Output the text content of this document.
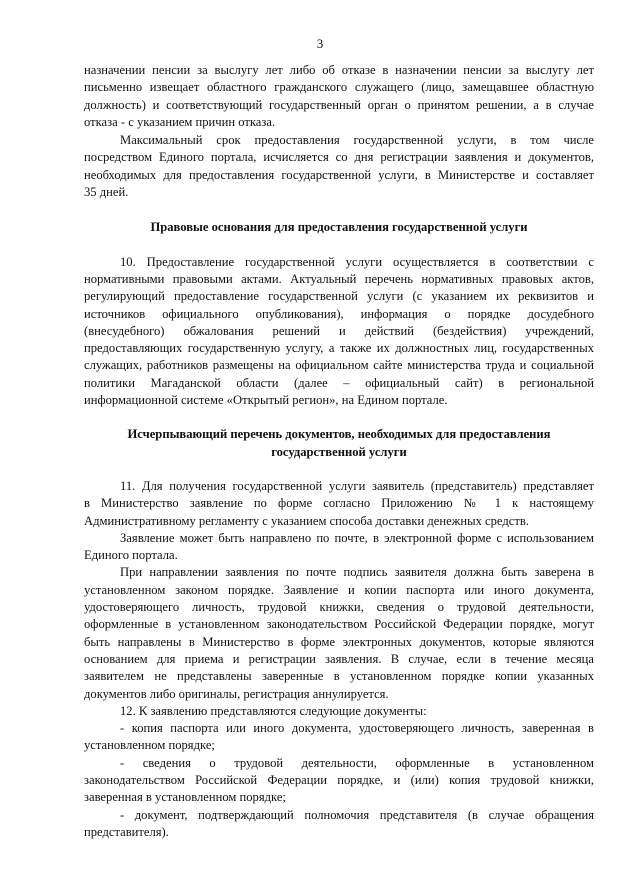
3

назначении пенсии за выслугу лет либо об отказе в назначении пенсии за выслугу лет
письменно извещает областного гражданского служащего (лицо, замещавшее областную
должность) и соответствующий государственный орган о принятом решении, а в случае
отказа - с указанием причин отказа.

Максимальный срок предоставления государственной услуги, в том числе
посредством Единого портала, исчисляется со дня регистрации заявления и документов,
необходимых для предоставления государственной услуги, в Министерстве и составляет
35 дней.

Правовые основания для предоставления государственной услуги

10. Предоставление государственной услуги осуществляется в соответствии с
нормативными правовыми актами. Актуальный перечень нормативных правовых актов,
регулирующий предоставление государственной услуги (с указанием их реквизитов и
источников официального опубликования), информация о порядке досудебного
(внесудебного) обжалования решений и действий (бездействия) учреждений,
предоставляющих государственную услугу, а также их должностных лиц, государственных
служащих, работников размещены на официальном сайте министерства труда и социальной
политики Магаданской области (далее – официальный сайт) в региональной
информационной системе «Открытый регион», на Едином портале.

Исчерпывающий перечень документов, необходимых для предоставления
государственной услуги

11. Для получения государственной услуги заявитель (представитель) представляет
в Министерство заявление по форме согласно Приложению № 1 к настоящему
Административному регламенту с указанием способа доставки денежных средств.

Заявление может быть направлено по почте, в электронной форме с использованием
Единого портала.

При направлении заявления по почте подпись заявителя должна быть заверена в
установленном законом порядке. Заявление и копии паспорта или иного документа,
удостоверяющего личность, трудовой книжки, сведения о трудовой деятельности,
оформленные в установленном законодательством Российской Федерации порядке, могут
быть направлены в Министерство в форме электронных документов, которые являются
основанием для приема и регистрации заявления. В случае, если в течение месяца
заявителем не представлены заверенные в установленном порядке копии указанных
документов либо оригиналы, регистрация аннулируется.

12. К заявлению представляются следующие документы:

- копия паспорта или иного документа, удостоверяющего личность, заверенная в
установленном порядке;

- сведения о трудовой деятельности, оформленные в установленном
законодательством Российской Федерации порядке, и (или) копия трудовой книжки,
заверенная в установленном порядке;

- документ, подтверждающий полномочия представителя (в случае обращения
представителя).
